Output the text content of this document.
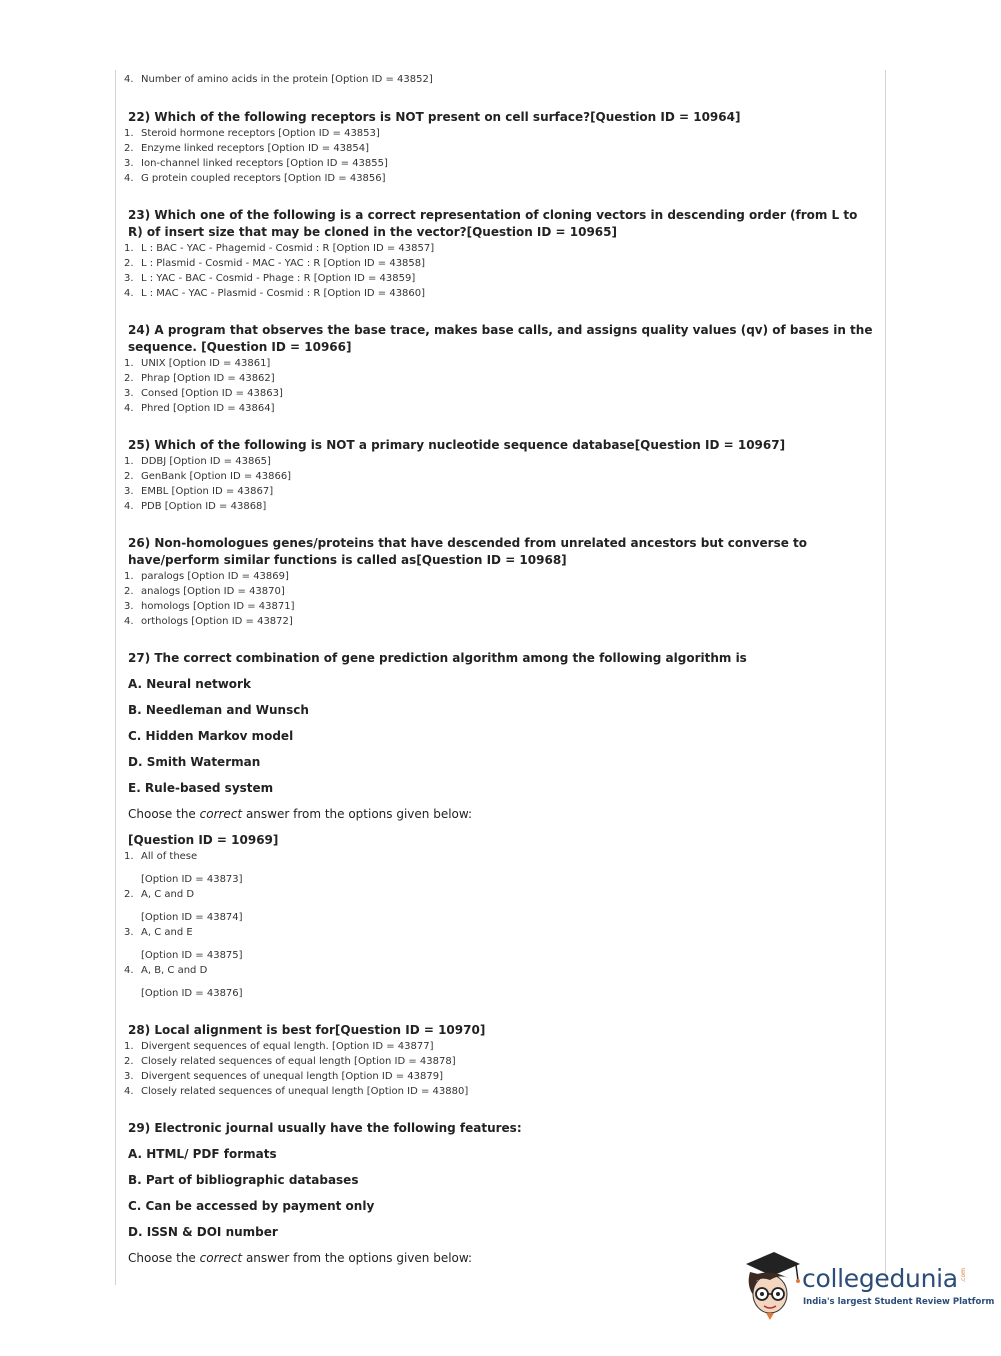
4. Number of amino acids in the protein [Option ID = 43852]

22) Which of the following receptors is NOT present on cell surface?[Question ID = 10964]

1. Steroid hormone receptors [Option ID = 43853]
2. Enzyme linked receptors [Option ID = 43854]
3. Ion-channel linked receptors [Option ID = 43855]
4. G protein coupled receptors [Option ID = 43856]

23) Which one of the following is a correct representation of cloning vectors in descending order (from L to R) of insert size that may be cloned in the vector?[Question ID = 10965]

1. L : BAC - YAC - Phagemid - Cosmid : R [Option ID = 43857]
2. L : Plasmid - Cosmid - MAC - YAC : R [Option ID = 43858]
3. L : YAC - BAC - Cosmid - Phage : R [Option ID = 43859]
4. L : MAC - YAC - Plasmid - Cosmid : R [Option ID = 43860]

24) A program that observes the base trace, makes base calls, and assigns quality values (qv) of bases in the sequence. [Question ID = 10966]

1. UNIX [Option ID = 43861]
2. Phrap [Option ID = 43862]
3. Consed [Option ID = 43863]
4. Phred [Option ID = 43864]

25) Which of the following is NOT a primary nucleotide sequence database[Question ID = 10967]

1. DDBJ [Option ID = 43865]
2. GenBank [Option ID = 43866]
3. EMBL [Option ID = 43867]
4. PDB [Option ID = 43868]

26) Non-homologues genes/proteins that have descended from unrelated ancestors but converse to have/perform similar functions is called as[Question ID = 10968]

1. paralogs [Option ID = 43869]
2. analogs [Option ID = 43870]
3. homologs [Option ID = 43871]
4. orthologs [Option ID = 43872]

27) The correct combination of gene prediction algorithm among the following algorithm is

A. Neural network
B. Needleman and Wunsch
C. Hidden Markov model
D. Smith Waterman
E. Rule-based system
Choose the correct answer from the options given below:
[Question ID = 10969]
1. All of these
[Option ID = 43873]
2. A, C and D
[Option ID = 43874]
3. A, C and E
[Option ID = 43875]
4. A, B, C and D
[Option ID = 43876]

28) Local alignment is best for[Question ID = 10970]

1. Divergent sequences of equal length. [Option ID = 43877]
2. Closely related sequences of equal length [Option ID = 43878]
3. Divergent sequences of unequal length [Option ID = 43879]
4. Closely related sequences of unequal length [Option ID = 43880]

29) Electronic journal usually have the following features:

A. HTML/ PDF formats
B. Part of bibliographic databases
C. Can be accessed by payment only
D. ISSN & DOI number
Choose the correct answer from the options given below:
collegedunia .com
India's largest Student Review Platform
